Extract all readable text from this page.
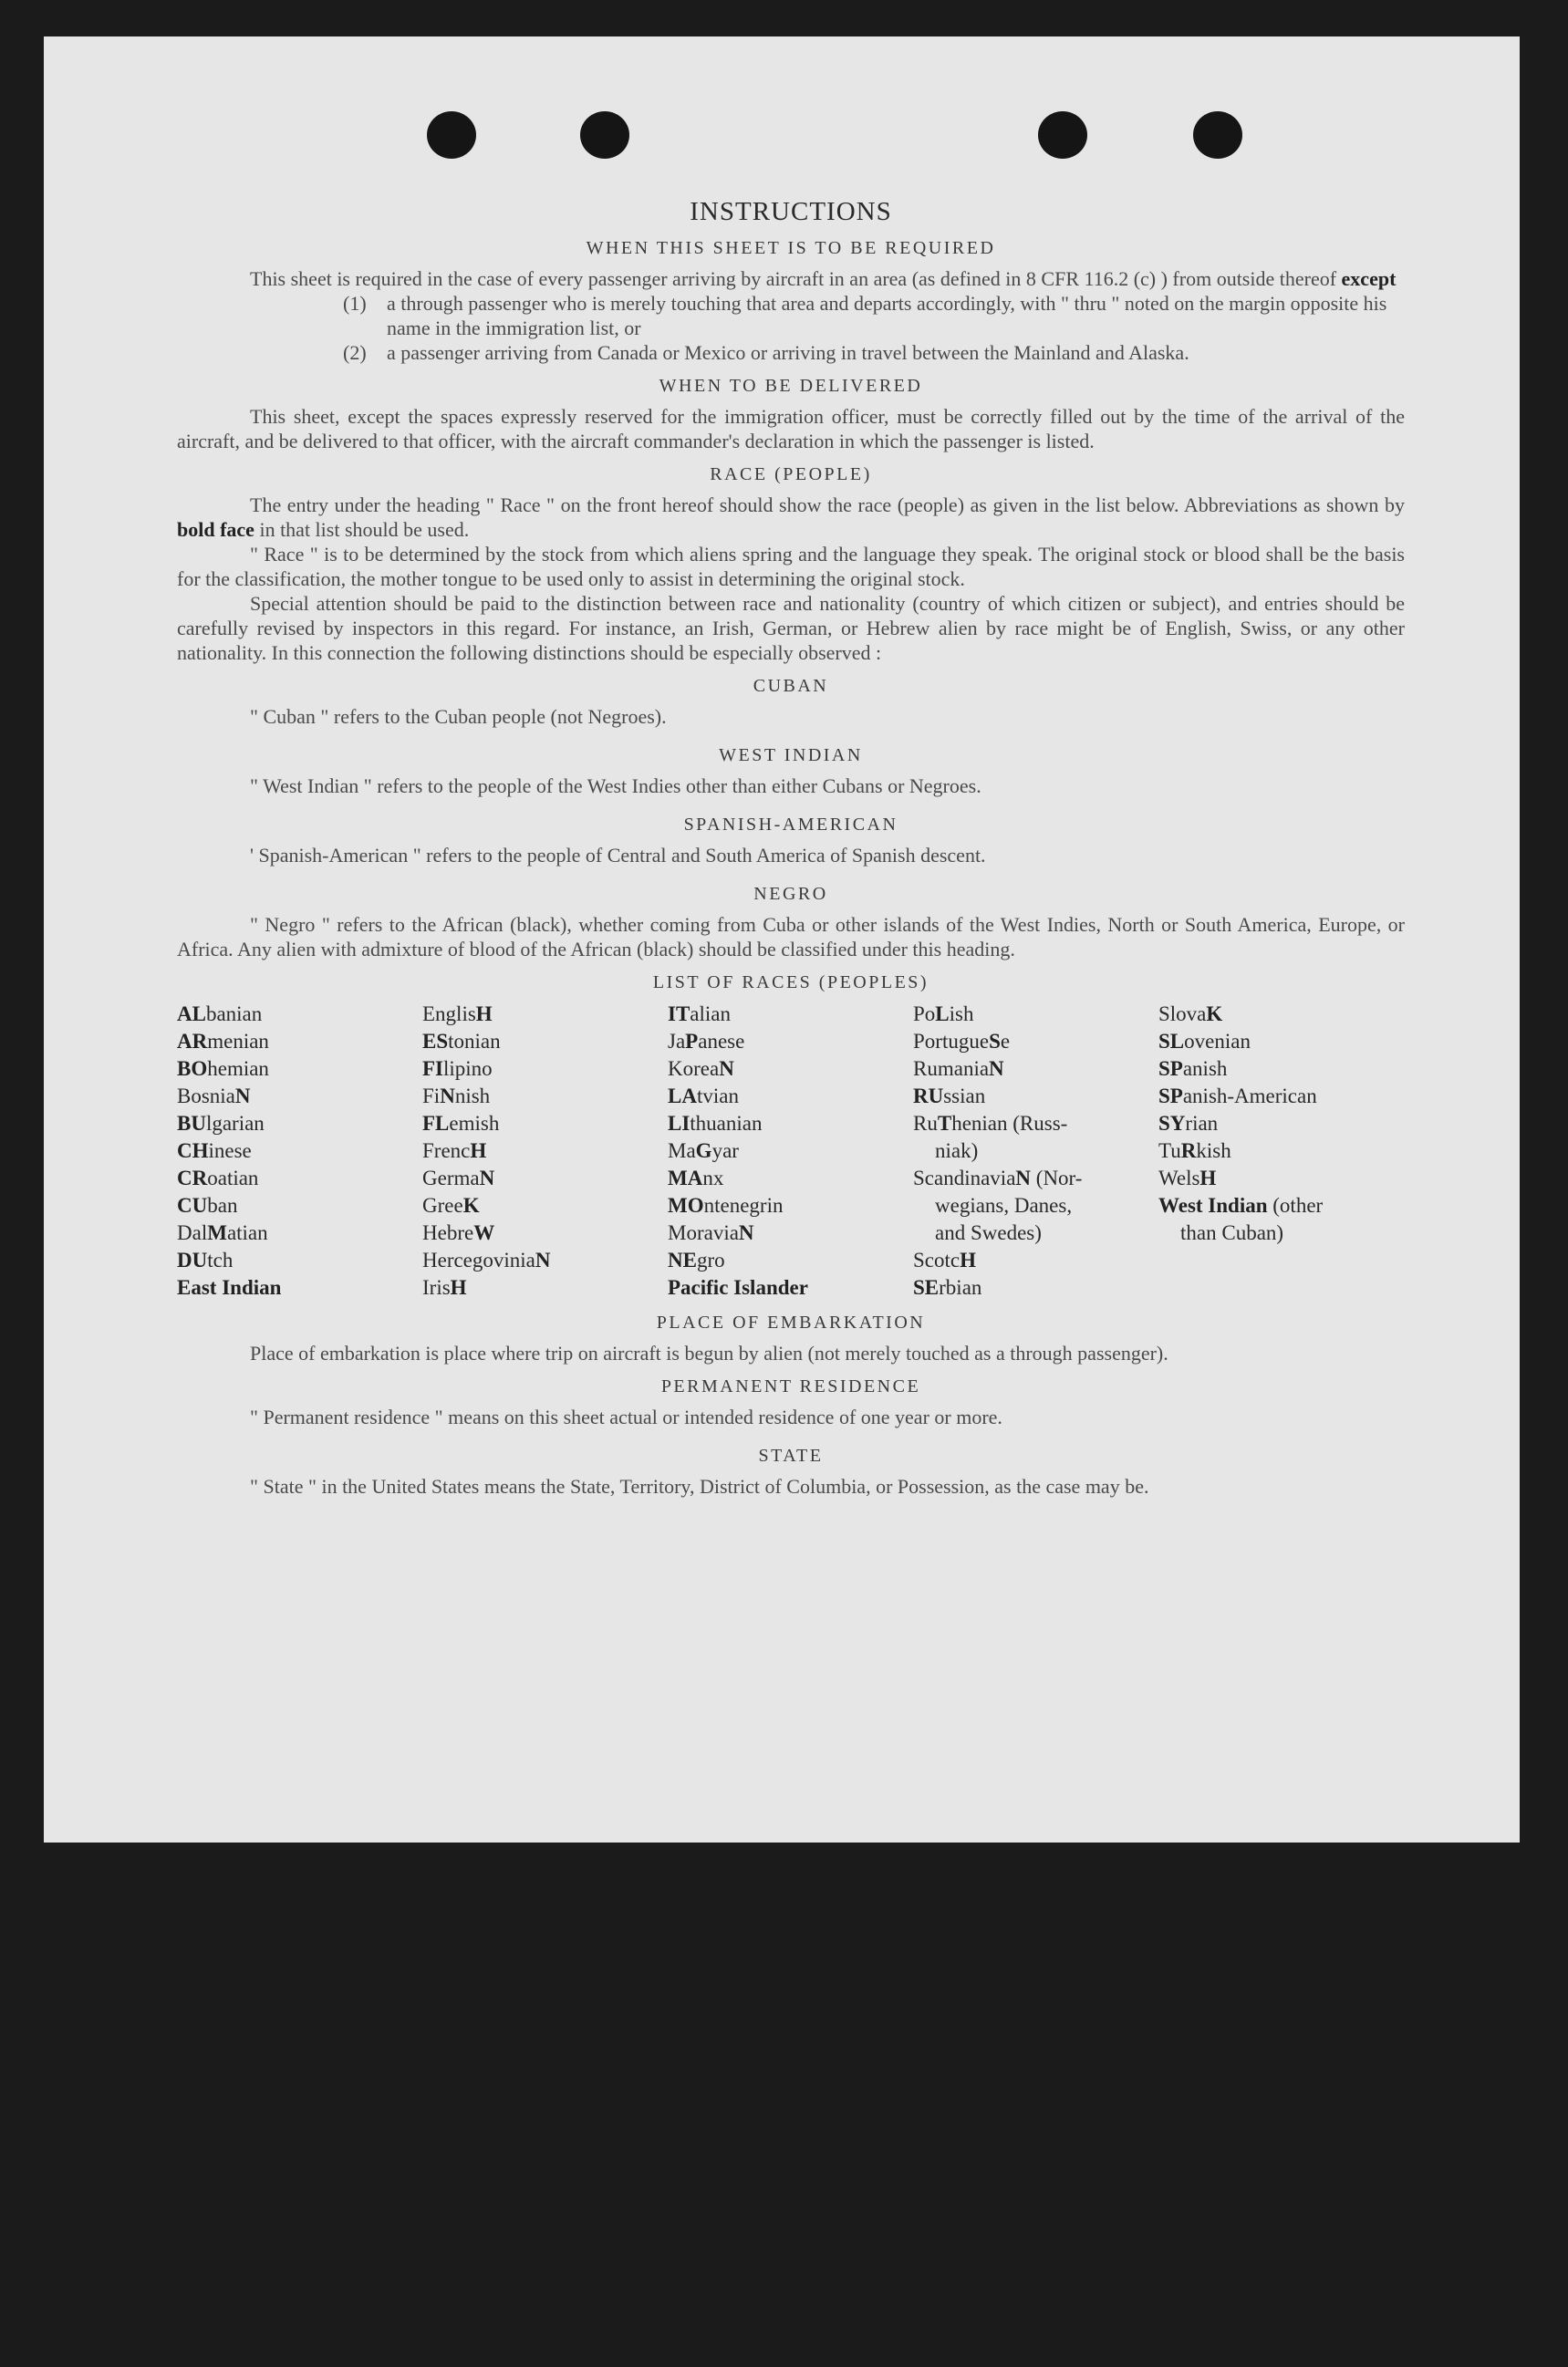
INSTRUCTIONS
WHEN THIS SHEET IS TO BE REQUIRED

This sheet is required in the case of every passenger arriving by aircraft in an area (as defined in 8 CFR 116.2 (c) ) from outside thereof except

(1) a through passenger who is merely touching that area and departs accordingly, with " thru " noted on the margin opposite his name in the immigration list, or

(2) a passenger arriving from Canada or Mexico or arriving in travel between the Mainland and Alaska.

WHEN TO BE DELIVERED

This sheet, except the spaces expressly reserved for the immigration officer, must be correctly filled out by the time of the arrival of the aircraft, and be delivered to that officer, with the aircraft commander's declaration in which the passenger is listed.

RACE (PEOPLE)

The entry under the heading " Race " on the front hereof should show the race (people) as given in the list below. Abbreviations as shown by bold face in that list should be used.

" Race " is to be determined by the stock from which aliens spring and the language they speak. The original stock or blood shall be the basis for the classification, the mother tongue to be used only to assist in determining the original stock.

Special attention should be paid to the distinction between race and nationality (country of which citizen or subject), and entries should be carefully revised by inspectors in this regard. For instance, an Irish, German, or Hebrew alien by race might be of English, Swiss, or any other nationality. In this connection the following distinctions should be especially observed :

CUBAN

" Cuban " refers to the Cuban people (not Negroes).

WEST INDIAN

" West Indian " refers to the people of the West Indies other than either Cubans or Negroes.

SPANISH-AMERICAN

' Spanish-American " refers to the people of Central and South America of Spanish descent.

NEGRO

" Negro " refers to the African (black), whether coming from Cuba or other islands of the West Indies, North or South America, Europe, or Africa. Any alien with admixture of blood of the African (black) should be classified under this heading.

LIST OF RACES (PEOPLES)
ALbanian
ARmenian
BOhemian
BosniaN
BUlgarian
CHinese
CRoatian
CUban
DalMatian
DUtch
East Indian
EnglisH
EStonian
FIlipino
FiNnish
FLemish
FrencH
GermaN
GreeK
HebreW
HercegoviniaN
IrisH
ITalian
JaPanese
KoreaN
LAtvian
LIthuanian
MaGyar
MAnx
MOntenegrin
MoraviaN
NEgro
Pacific Islander
PoLish
PortugueSe
RumaniaN
RUssian
RuThenian (Russ-
niak)
ScandinaviaN (Nor-
wegians, Danes,
and Swedes)
ScotcH
SErbian
SlovaK
SLovenian
SPanish
SPanish-American
SYrian
TuRkish
WelsH
West Indian (other
than Cuban)
PLACE OF EMBARKATION

Place of embarkation is place where trip on aircraft is begun by alien (not merely touched as a through passenger).

PERMANENT RESIDENCE

" Permanent residence " means on this sheet actual or intended residence of one year or more.

STATE

" State " in the United States means the State, Territory, District of Columbia, or Possession, as the case may be.
